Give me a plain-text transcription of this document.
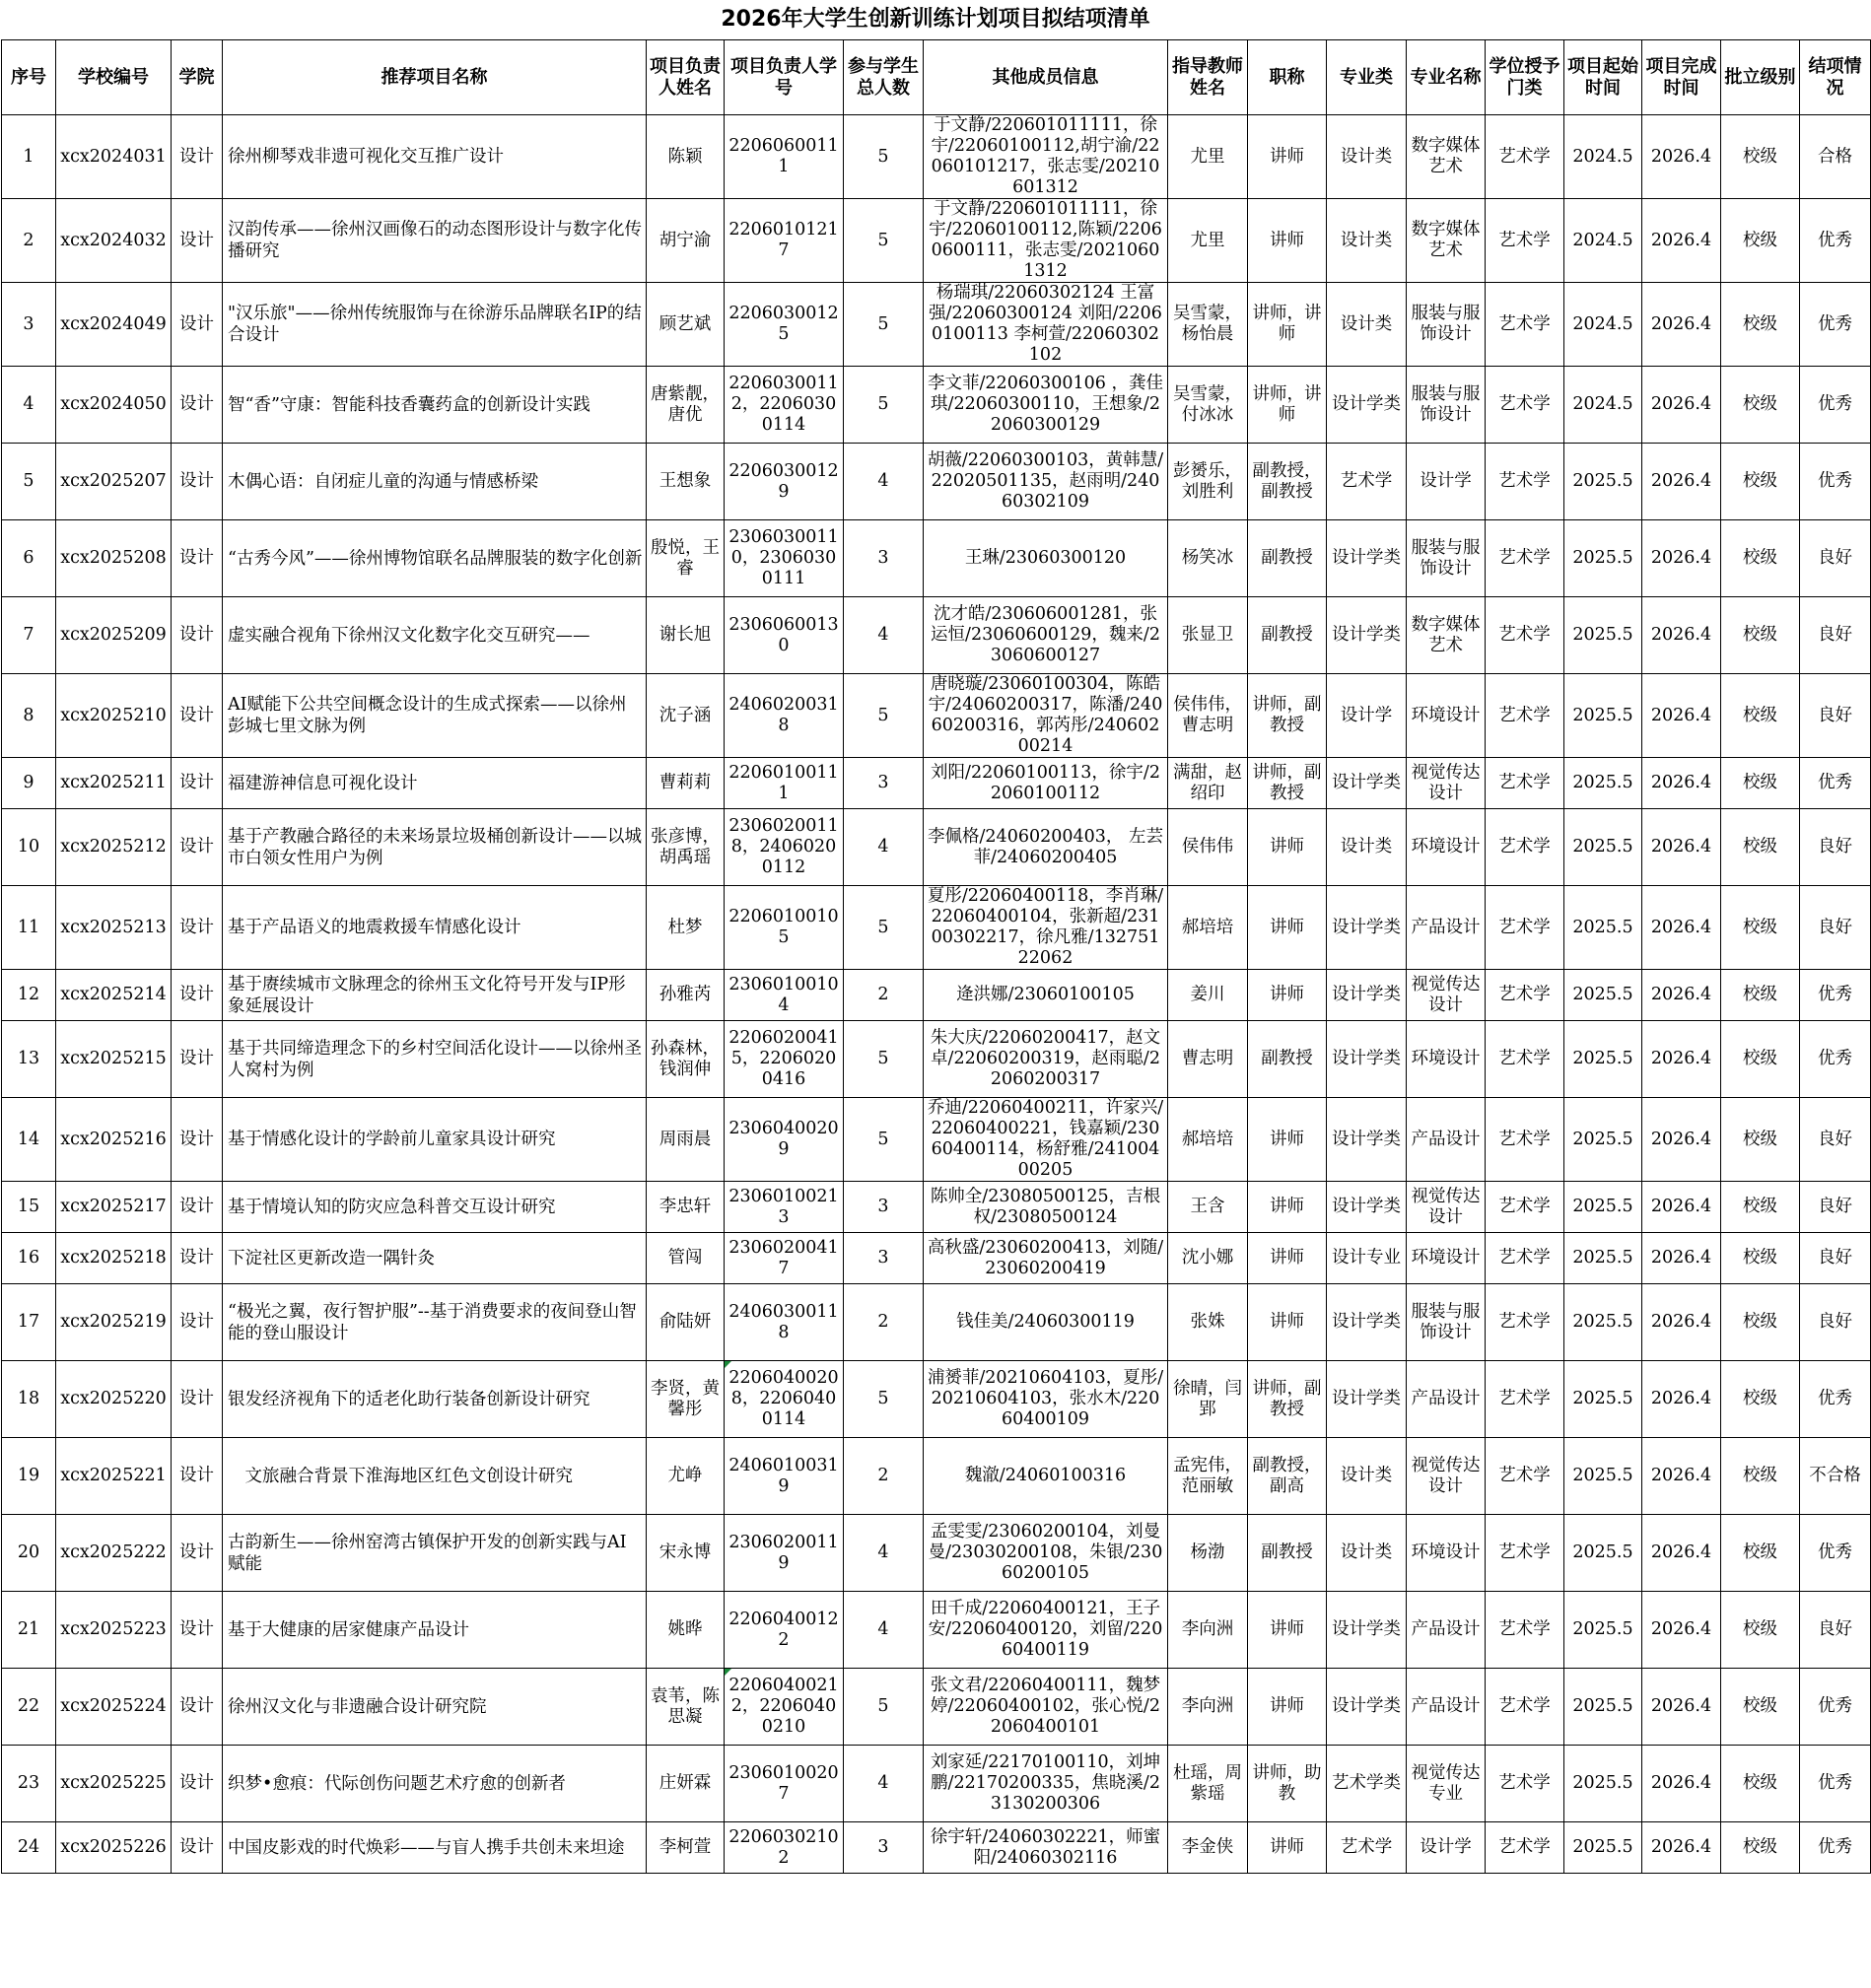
2026年大学生创新训练计划项目拟结项清单
序号	学校编号	学院	推荐项目名称	项目负责人姓名	项目负责人学号	参与学生总人数	其他成员信息	指导教师姓名	职称	专业类	专业名称	学位授予门类	项目起始时间	项目完成时间	批立级别	结项情况
1	xcx2024031	设计	徐州柳琴戏非遗可视化交互推广设计	陈颖	22060600111	5	于文静/220601011111，徐宇/22060100112,胡宁渝/22060101217，张志雯/20210601312	尤里	讲师	设计类	数字媒体艺术	艺术学	2024.5	2026.4	校级	合格
2	xcx2024032	设计	汉韵传承——徐州汉画像石的动态图形设计与数字化传播研究	胡宁渝	22060101217	5	于文静/220601011111，徐宇/22060100112,陈颖/22060600111，张志雯/20210601312	尤里	讲师	设计类	数字媒体艺术	艺术学	2024.5	2026.4	校级	优秀
3	xcx2024049	设计	"汉乐旅"——徐州传统服饰与在徐游乐品牌联名IP的结合设计	顾艺斌	22060300125	5	杨瑞琪/22060302124 王富强/22060300124 刘阳/22060100113 李柯萱/22060302102	吴雪蒙，杨怡晨	讲师，讲师	设计类	服装与服饰设计	艺术学	2024.5	2026.4	校级	优秀
4	xcx2024050	设计	智“香”守康：智能科技香囊药盒的创新设计实践	唐紫靓，唐优	22060300112，22060300114	5	李文菲/22060300106 ，龚佳琪/22060300110，王想象/22060300129	吴雪蒙，付冰冰	讲师，讲师	设计学类	服装与服饰设计	艺术学	2024.5	2026.4	校级	优秀
5	xcx2025207	设计	木偶心语：自闭症儿童的沟通与情感桥梁	王想象	22060300129	4	胡薇/22060300103，黄韩慧/22020501135，赵雨明/24060302109	彭赟乐，刘胜利	副教授，副教授	艺术学	设计学	艺术学	2025.5	2026.4	校级	优秀
6	xcx2025208	设计	“古秀今风”——徐州博物馆联名品牌服装的数字化创新	殷悦，王睿	23060300110，23060300111	3	王琳/23060300120	杨笑冰	副教授	设计学类	服装与服饰设计	艺术学	2025.5	2026.4	校级	良好
7	xcx2025209	设计	虚实融合视角下徐州汉文化数字化交互研究——	谢长旭	23060600130	4	沈才皓/230606001281，张运恒/23060600129，魏来/23060600127	张显卫	副教授	设计学类	数字媒体艺术	艺术学	2025.5	2026.4	校级	良好
8	xcx2025210	设计	AI赋能下公共空间概念设计的生成式探索——以徐州彭城七里文脉为例	沈子涵	24060200318	5	唐晓璇/23060100304，陈皓宇/24060200317，陈潘/24060200316，郭芮彤/24060200214	侯伟伟，曹志明	讲师，副教授	设计学	环境设计	艺术学	2025.5	2026.4	校级	良好
9	xcx2025211	设计	福建游神信息可视化设计	曹莉莉	22060100111	3	刘阳/22060100113，徐宇/22060100112	满甜，赵绍印	讲师，副教授	设计学类	视觉传达设计	艺术学	2025.5	2026.4	校级	优秀
10	xcx2025212	设计	基于产教融合路径的未来场景垃圾桶创新设计——以城市白领女性用户为例	张彦博，胡禹瑶	23060200118，24060200112	4	李佩格/24060200403， 左芸菲/24060200405	侯伟伟	讲师	设计类	环境设计	艺术学	2025.5	2026.4	校级	良好
11	xcx2025213	设计	基于产品语义的地震救援车情感化设计	杜梦	22060100105	5	夏彤/22060400118，李肖琳/22060400104，张新超/23100302217，徐凡雅/13275122062	郝培培	讲师	设计学类	产品设计	艺术学	2025.5	2026.4	校级	良好
12	xcx2025214	设计	基于赓续城市文脉理念的徐州玉文化符号开发与IP形象延展设计	孙雅芮	23060100104	2	逄洪娜/23060100105	姜川	讲师	设计学类	视觉传达设计	艺术学	2025.5	2026.4	校级	优秀
13	xcx2025215	设计	基于共同缔造理念下的乡村空间活化设计——以徐州圣人窝村为例	孙森林，钱润伸	22060200415，22060200416	5	朱大庆/22060200417，赵文卓/22060200319，赵雨聪/22060200317	曹志明	副教授	设计学类	环境设计	艺术学	2025.5	2026.4	校级	优秀
14	xcx2025216	设计	基于情感化设计的学龄前儿童家具设计研究	周雨晨	23060400209	5	乔迪/22060400211，许家兴/22060400221，钱嘉颖/23060400114，杨舒雅/24100400205	郝培培	讲师	设计学类	产品设计	艺术学	2025.5	2026.4	校级	良好
15	xcx2025217	设计	基于情境认知的防灾应急科普交互设计研究	李忠轩	23060100213	3	陈帅全/23080500125，吉根权/23080500124	王含	讲师	设计学类	视觉传达设计	艺术学	2025.5	2026.4	校级	良好
16	xcx2025218	设计	下淀社区更新改造一隅针灸	管闯	23060200417	3	高秋盛/23060200413，刘随/23060200419	沈小娜	讲师	设计专业	环境设计	艺术学	2025.5	2026.4	校级	良好
17	xcx2025219	设计	“极光之翼，夜行智护服”--基于消费要求的夜间登山智能的登山服设计	俞陆妍	24060300118	2	钱佳美/24060300119	张姝	讲师	设计学类	服装与服饰设计	艺术学	2025.5	2026.4	校级	良好
18	xcx2025220	设计	银发经济视角下的适老化助行装备创新设计研究	李贤，黄馨彤	22060400208，22060400114	5	浦赟菲/20210604103，夏彤/20210604103，张水木/22060400109	徐晴，闫郢	讲师，副教授	设计学类	产品设计	艺术学	2025.5	2026.4	校级	优秀
19	xcx2025221	设计	　文旅融合背景下淮海地区红色文创设计研究	尤峥	24060100319	2	魏澈/24060100316	孟宪伟，范丽敏	副教授，副高	设计类	视觉传达设计	艺术学	2025.5	2026.4	校级	不合格
20	xcx2025222	设计	古韵新生——徐州窑湾古镇保护开发的创新实践与AI赋能	宋永博	23060200119	4	孟雯雯/23060200104，刘曼曼/23030200108，朱银/23060200105	杨渤	副教授	设计类	环境设计	艺术学	2025.5	2026.4	校级	优秀
21	xcx2025223	设计	基于大健康的居家健康产品设计	姚晔	22060400122	4	田千成/22060400121，王子安/22060400120，刘留/22060400119	李向洲	讲师	设计学类	产品设计	艺术学	2025.5	2026.4	校级	良好
22	xcx2025224	设计	徐州汉文化与非遗融合设计研究院	袁苇，陈思凝	22060400212，22060400210	5	张文君/22060400111，魏梦婷/22060400102，张心悦/22060400101	李向洲	讲师	设计学类	产品设计	艺术学	2025.5	2026.4	校级	优秀
23	xcx2025225	设计	织梦•愈痕：代际创伤问题艺术疗愈的创新者	庄妍霖	23060100207	4	刘家延/22170100110，刘坤鹏/22170200335，焦晓溪/23130200306	杜瑶，周紫瑶	讲师，助教	艺术学类	视觉传达专业	艺术学	2025.5	2026.4	校级	优秀
24	xcx2025226	设计	中国皮影戏的时代焕彩——与盲人携手共创未来坦途	李柯萱	22060302102	3	徐宇轩/24060302221，师蜜阳/24060302116	李金侠	讲师	艺术学	设计学	艺术学	2025.5	2026.4	校级	优秀
